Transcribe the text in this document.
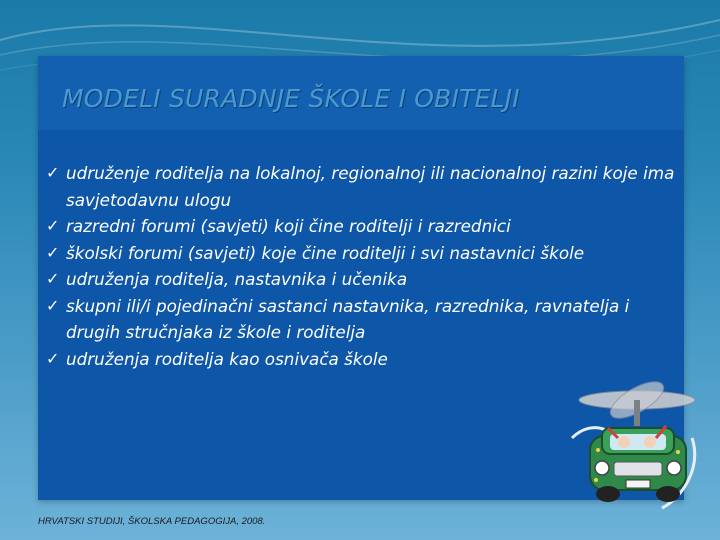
MODELI SURADNJE ŠKOLE I OBITELJI
✓ udruženje roditelja na lokalnoj, regionalnoj ili nacionalnoj razini koje ima savjetodavnu ulogu
✓ razredni forumi (savjeti) koji čine roditelji i razrednici
✓ školski forumi (savjeti) koje čine roditelji i svi nastavnici škole
✓ udruženja roditelja, nastavnika i učenika
✓ skupni ili/i pojedinačni sastanci nastavnika, razrednika, ravnatelja i drugih stručnjaka iz škole i roditelja
✓ udruženja roditelja kao osnivača škole
HRVATSKI STUDIJI, ŠKOLSKA PEDAGOGIJA, 2008.
